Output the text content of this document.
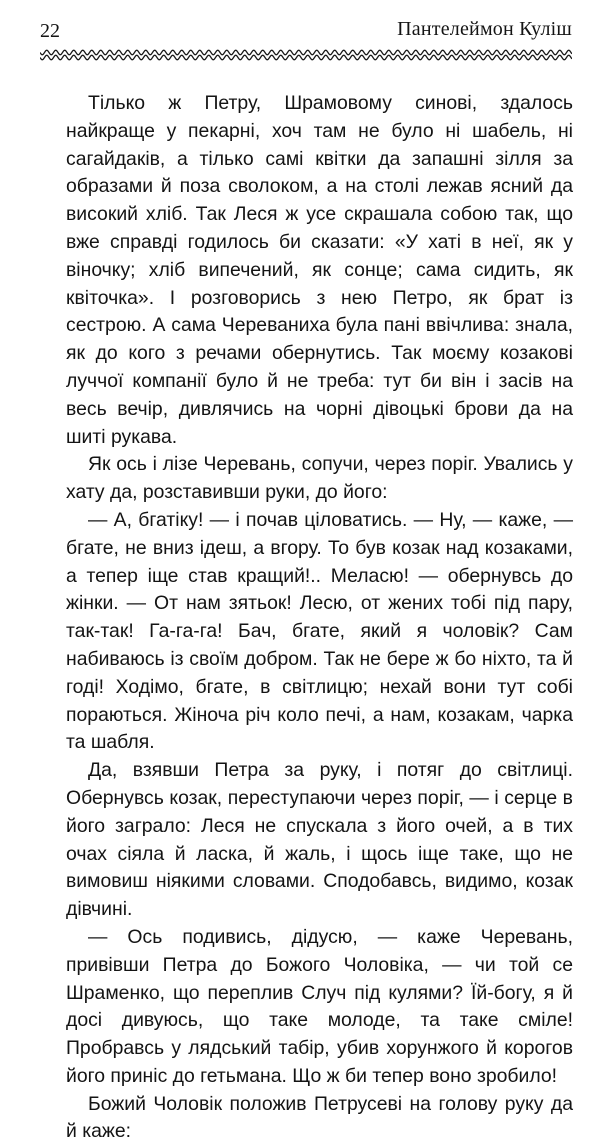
22	Пантелеймон Куліш

Тілько ж Петру, Шрамовому синові, здалось найкраще у пекарні, хоч там не було ні шабель, ні сагайдаків, а тілько самі квітки да запашні зілля за образами й поза сволоком, а на столі лежав ясний да високий хліб. Так Леся ж усе скрашала собою так, що вже справді годилось би сказати: «У хаті в неї, як у віночку; хліб випечений, як сонце; сама сидить, як квіточка». І розговорись з нею Петро, як брат із сестрою. А сама Череваниха була пані ввічлива: знала, як до кого з речами обернутись. Так моєму козакові луччої компанії було й не треба: тут би він і засів на весь вечір, дивлячись на чорні дівоцькі брови да на шиті рукава.

Як ось і лізе Черевань, сопучи, через поріг. Увались у хату да, розставивши руки, до його:

— А, бгатіку! — і почав ціловатись. — Ну, — каже, — бгате, не вниз ідеш, а вгору. То був козак над козаками, а тепер іще став кращий!.. Меласю! — обернувсь до жінки. — От нам зятьок! Лесю, от жених тобі під пару, так-так! Га-га-га! Бач, бгате, який я чоловік? Сам набиваюсь із своїм добром. Так не бере ж бо ніхто, та й годі! Ходімо, бгате, в світлицю; нехай вони тут собі пораються. Жіноча річ коло печі, а нам, козакам, чарка та шабля.

Да, взявши Петра за руку, і потяг до світлиці. Обернувсь козак, переступаючи через поріг, — і серце в його заграло: Леся не спускала з його очей, а в тих очах сіяла й ласка, й жаль, і щось іще таке, що не вимовиш ніякими словами. Сподобавсь, видимо, козак дівчині.

— Ось подивись, дідусю, — каже Черевань, привівши Петра до Божого Чоловіка, — чи той се Шраменко, що переплив Случ під кулями? Їй-богу, я й досі дивуюсь, що таке молоде, та таке сміле! Пробравсь у лядський табір, убив хорунжого й корогов його приніс до гетьмана. Що ж би тепер воно зробило!

Божий Чоловік положив Петрусеві на голову руку да й каже:
